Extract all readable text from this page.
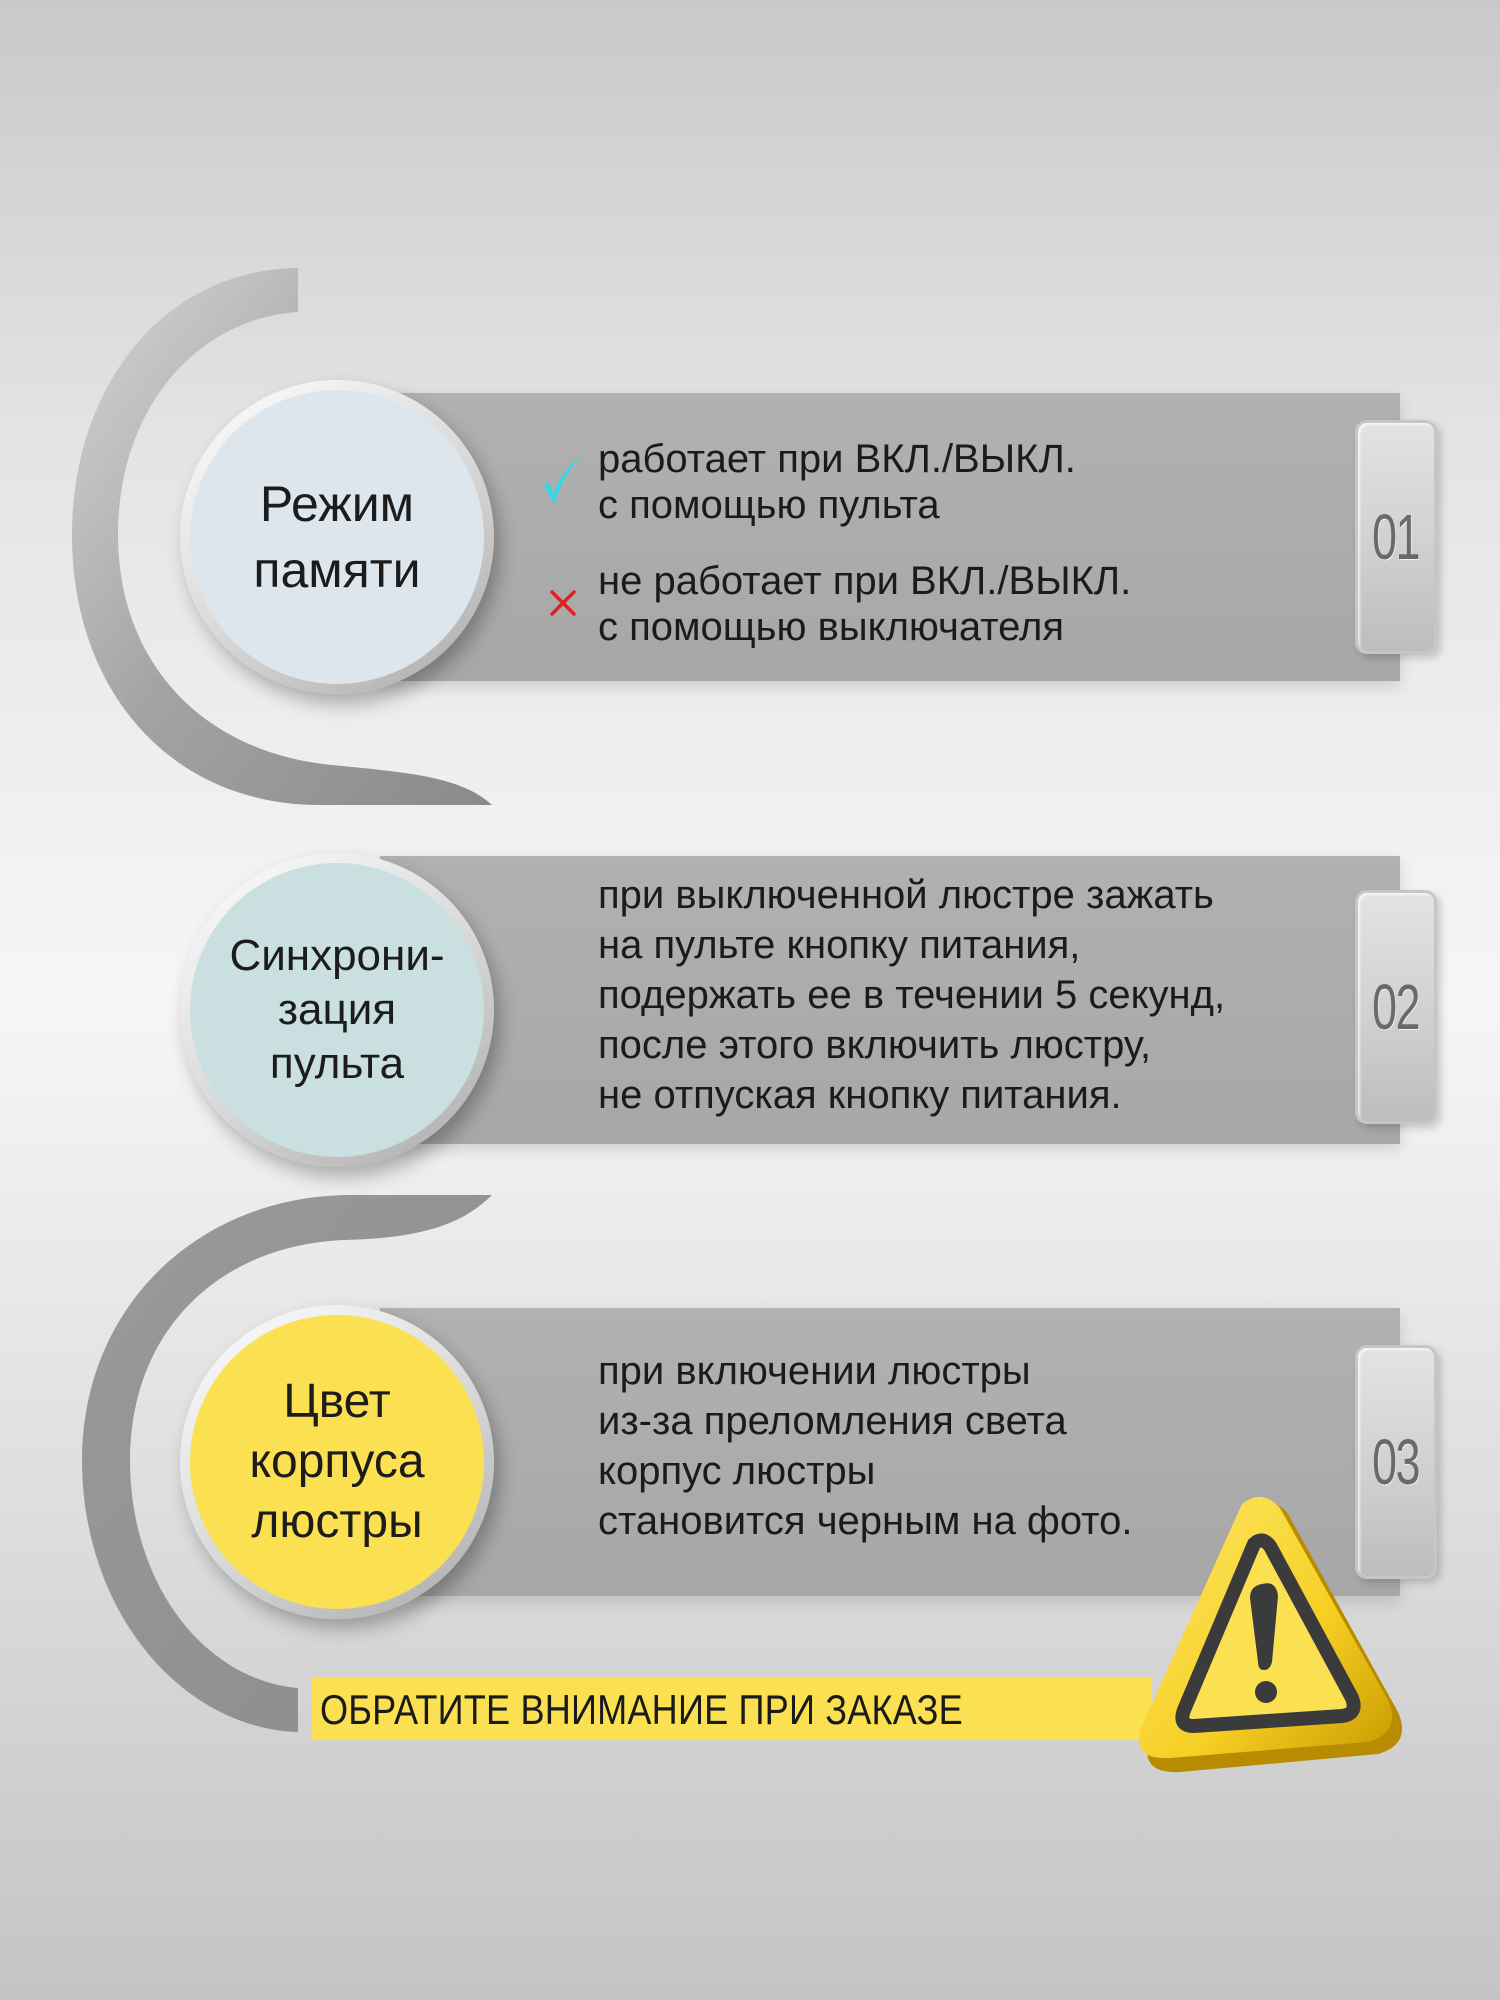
01
Режим
памяти
работает при ВКЛ./ВЫКЛ.
с помощью пульта
не работает при ВКЛ./ВЫКЛ.
с помощью выключателя
02
Синхрони-
зация
пульта
при выключенной люстре зажать
на пульте кнопку питания,
подержать ее в течении 5 секунд,
после этого включить люстру,
не отпуская кнопку питания.
03
Цвет
корпуса
люстры
при включении люстры
из-за преломления света
корпус люстры
становится черным на фото.
ОБРАТИТЕ ВНИМАНИЕ ПРИ ЗАКАЗЕ
